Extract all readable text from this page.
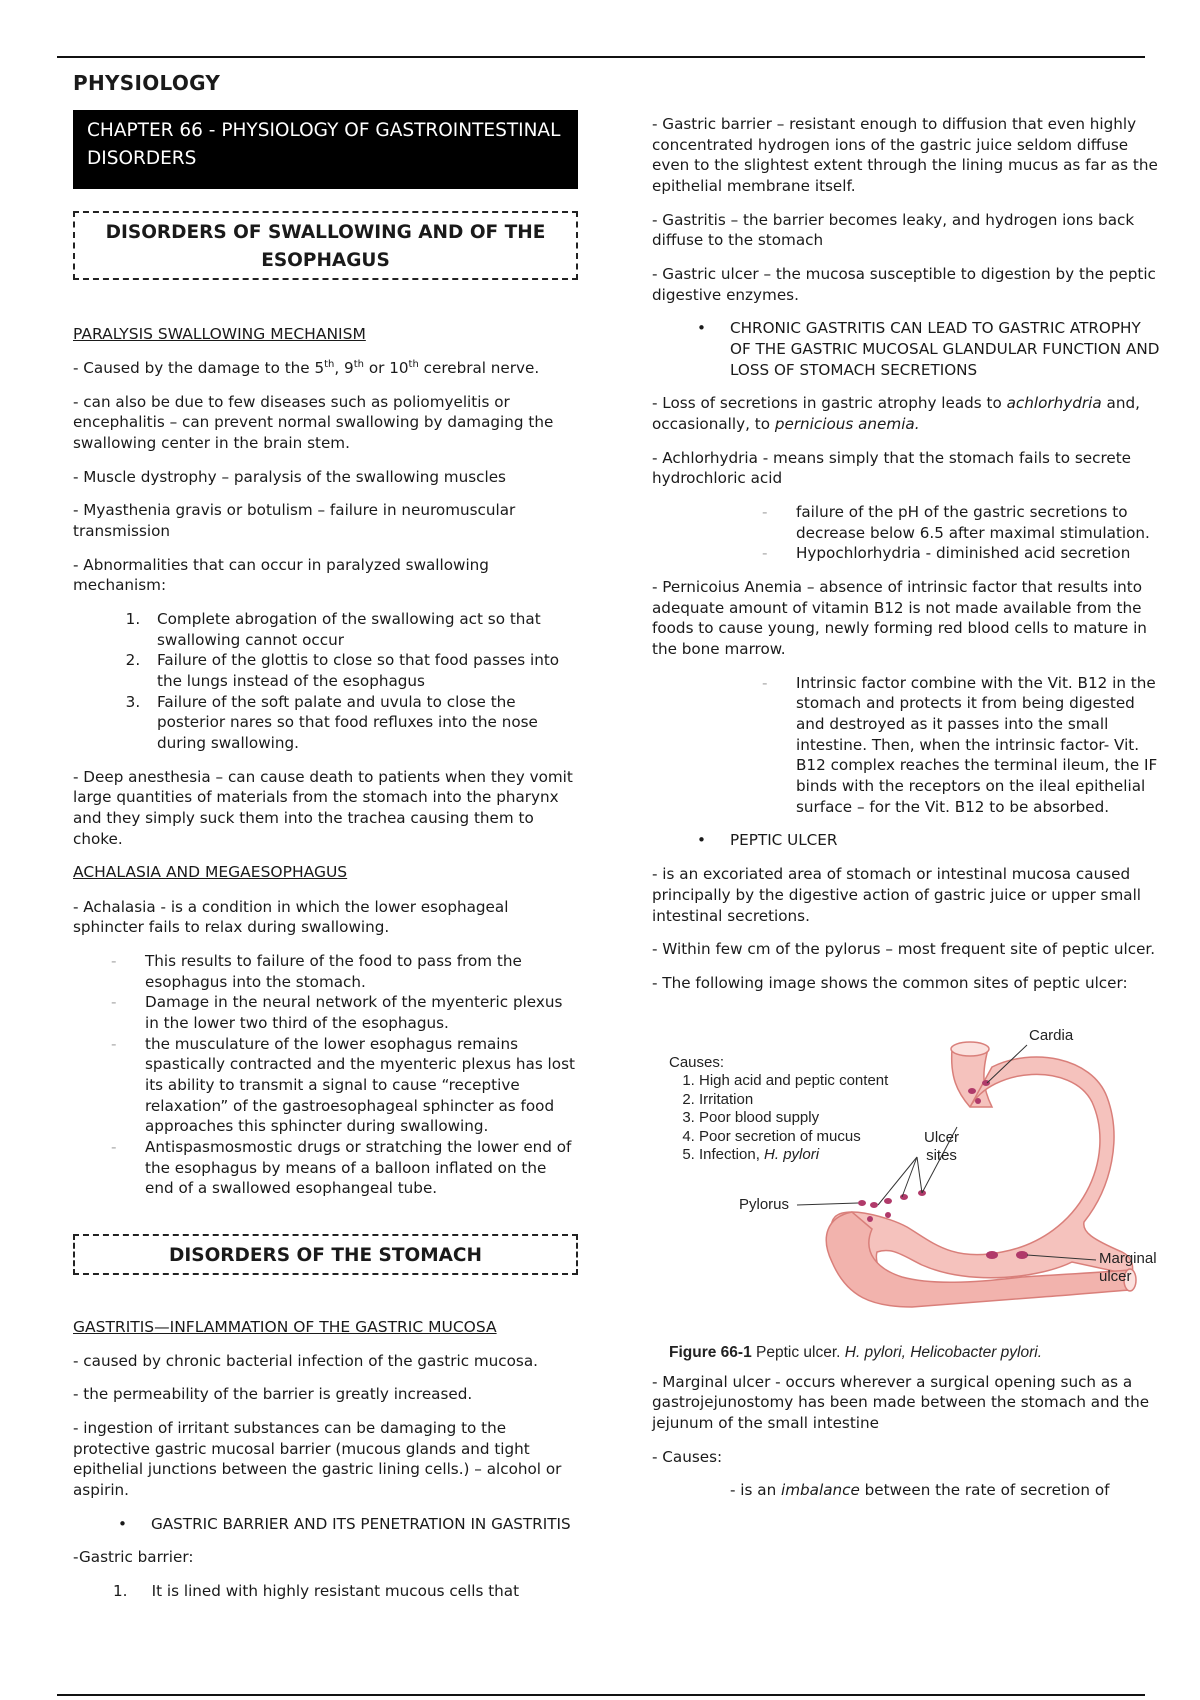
PHYSIOLOGY
CHAPTER 66 - PHYSIOLOGY OF GASTROINTESTINAL DISORDERS
DISORDERS OF SWALLOWING AND OF THE ESOPHAGUS
PARALYSIS SWALLOWING MECHANISM

- Caused by the damage to the 5th, 9th or 10th cerebral nerve.

- can also be due to few diseases such as poliomyelitis or encephalitis – can prevent normal swallowing by damaging the swallowing center in the brain stem.

- Muscle dystrophy – paralysis of the swallowing muscles

- Myasthenia gravis or botulism – failure in neuromuscular transmission

- Abnormalities that can occur in paralyzed swallowing mechanism:

1. Complete abrogation of the swallowing act so that swallowing cannot occur
2. Failure of the glottis to close so that food passes into the lungs instead of the esophagus
3. Failure of the soft palate and uvula to close the posterior nares so that food refluxes into the nose during swallowing.

- Deep anesthesia – can cause death to patients when they vomit large quantities of materials from the stomach into the pharynx and they simply suck them into the trachea causing them to choke.

ACHALASIA AND MEGAESOPHAGUS

- Achalasia - is a condition in which the lower esophageal sphincter fails to relax during swallowing.

- This results to failure of the food to pass from the esophagus into the stomach.
- Damage in the neural network of the myenteric plexus in the lower two third of the esophagus.
- the musculature of the lower esophagus remains spastically contracted and the myenteric plexus has lost its ability to transmit a signal to cause “receptive relaxation” of the gastroesophageal sphincter as food approaches this sphincter during swallowing.
- Antispasmosmostic drugs or stratching the lower end of the esophagus by means of a balloon inflated on the end of a swallowed esophangeal tube.
DISORDERS OF THE STOMACH
GASTRITIS—INFLAMMATION OF THE GASTRIC MUCOSA

- caused by chronic bacterial infection of the gastric mucosa.

- the permeability of the barrier is greatly increased.

- ingestion of irritant substances can be damaging to the protective gastric mucosal barrier (mucous glands and tight epithelial junctions between the gastric lining cells.) – alcohol or aspirin.

• GASTRIC BARRIER AND ITS PENETRATION IN GASTRITIS

-Gastric barrier:

1.     It is lined with highly resistant mucous cells that

- Gastric barrier – resistant enough to diffusion that even highly concentrated hydrogen ions of the gastric juice seldom diffuse even to the slightest extent through the lining mucus as far as the epithelial membrane itself.

- Gastritis – the barrier becomes leaky, and hydrogen ions back diffuse to the stomach

- Gastric ulcer – the mucosa susceptible to digestion by the peptic digestive enzymes.

• CHRONIC GASTRITIS CAN LEAD TO GASTRIC ATROPHY OF THE GASTRIC MUCOSAL GLANDULAR FUNCTION AND LOSS OF STOMACH SECRETIONS

- Loss of secretions in gastric atrophy leads to achlorhydria and, occasionally, to pernicious anemia.

- Achlorhydria - means simply that the stomach fails to secrete hydrochloric acid

- failure of the pH of the gastric secretions to decrease below 6.5 after maximal stimulation.
- Hypochlorhydria - diminished acid secretion

- Pernicoius Anemia – absence of intrinsic factor that results into adequate amount of vitamin B12 is not made available from the foods to cause young, newly forming red blood cells to mature in the bone marrow.

- Intrinsic factor combine with the Vit. B12 in the stomach and protects it from being digested and destroyed as it passes into the small intestine. Then, when the intrinsic factor- Vit. B12 complex reaches the terminal ileum, the IF binds with the receptors on the ileal epithelial surface – for the Vit. B12 to be absorbed.
• PEPTIC ULCER

- is an excoriated area of stomach or intestinal mucosa caused principally by the digestive action of gastric juice or upper small intestinal secretions.

- Within few cm of the pylorus – most frequent site of peptic ulcer.

- The following image shows the common sites of peptic ulcer:

Causes:
1. High acid and peptic content
2. Irritation
3. Poor blood supply
4. Poor secretion of mucus
5. Infection, H. pylori
Cardia
Ulcer
sites
Pylorus
Marginal
ulcer
Figure 66-1 Peptic ulcer. H. pylori, Helicobacter pylori.

- Marginal ulcer - occurs wherever a surgical opening such as a gastrojejunostomy has been made between the stomach and the jejunum of the small intestine

- Causes:

- is an imbalance between the rate of secretion of
